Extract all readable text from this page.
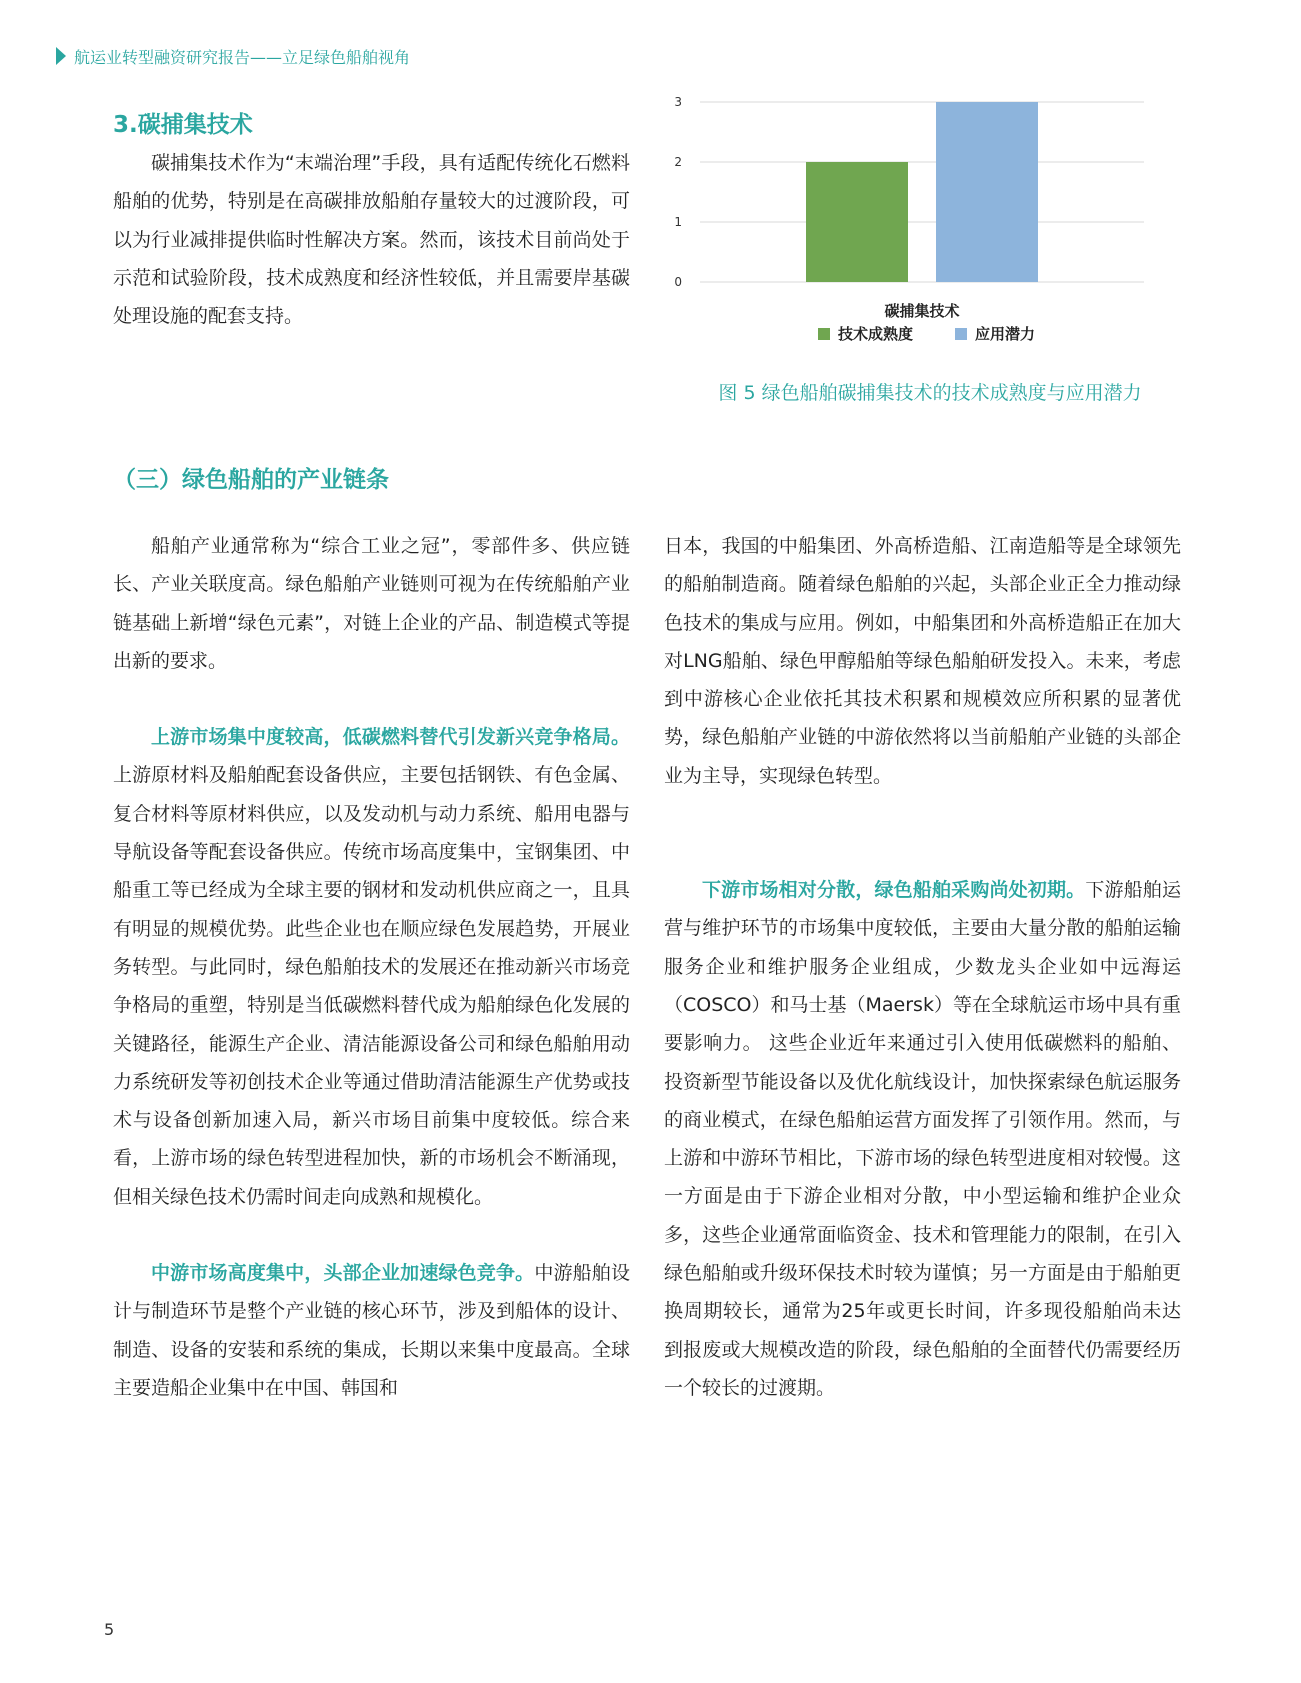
航运业转型融资研究报告——立足绿色船舶视角
3.碳捕集技术

碳捕集技术作为“末端治理”手段，具有适配传统化石燃料船舶的优势，特别是在高碳排放船舶存量较大的过渡阶段，可以为行业减排提供临时性解决方案。然而，该技术目前尚处于示范和试验阶段，技术成熟度和经济性较低，并且需要岸基碳处理设施的配套支持。

0
1
2
3
碳捕集技术
技术成熟度	应用潜力
图 5 绿色船舶碳捕集技术的技术成熟度与应用潜力
（三）绿色船舶的产业链条

船舶产业通常称为“综合工业之冠”，零部件多、供应链长、产业关联度高。绿色船舶产业链则可视为在传统船舶产业链基础上新增“绿色元素”，对链上企业的产品、制造模式等提出新的要求。

上游市场集中度较高，低碳燃料替代引发新兴竞争格局。上游原材料及船舶配套设备供应，主要包括钢铁、有色金属、复合材料等原材料供应，以及发动机与动力系统、船用电器与导航设备等配套设备供应。传统市场高度集中，宝钢集团、中船重工等已经成为全球主要的钢材和发动机供应商之一，且具有明显的规模优势。此些企业也在顺应绿色发展趋势，开展业务转型。与此同时，绿色船舶技术的发展还在推动新兴市场竞争格局的重塑，特别是当低碳燃料替代成为船舶绿色化发展的关键路径，能源生产企业、清洁能源设备公司和绿色船舶用动力系统研发等初创技术企业等通过借助清洁能源生产优势或技术与设备创新加速入局，新兴市场目前集中度较低。综合来看，上游市场的绿色转型进程加快，新的市场机会不断涌现，但相关绿色技术仍需时间走向成熟和规模化。

中游市场高度集中，头部企业加速绿色竞争。中游船舶设计与制造环节是整个产业链的核心环节，涉及到船体的设计、制造、设备的安装和系统的集成，长期以来集中度最高。全球主要造船企业集中在中国、韩国和

日本，我国的中船集团、外高桥造船、江南造船等是全球领先的船舶制造商。随着绿色船舶的兴起，头部企业正全力推动绿色技术的集成与应用。例如，中船集团和外高桥造船正在加大对LNG船舶、绿色甲醇船舶等绿色船舶研发投入。未来，考虑到中游核心企业依托其技术积累和规模效应所积累的显著优势，绿色船舶产业链的中游依然将以当前船舶产业链的头部企业为主导，实现绿色转型。

下游市场相对分散，绿色船舶采购尚处初期。下游船舶运营与维护环节的市场集中度较低，主要由大量分散的船舶运输服务企业和维护服务企业组成，少数龙头企业如中远海运（COSCO）和马士基（Maersk）等在全球航运市场中具有重要影响力。 这些企业近年来通过引入使用低碳燃料的船舶、投资新型节能设备以及优化航线设计，加快探索绿色航运服务的商业模式，在绿色船舶运营方面发挥了引领作用。然而，与上游和中游环节相比，下游市场的绿色转型进度相对较慢。这一方面是由于下游企业相对分散，中小型运输和维护企业众多，这些企业通常面临资金、技术和管理能力的限制，在引入绿色船舶或升级环保技术时较为谨慎；另一方面是由于船舶更换周期较长，通常为25年或更长时间，许多现役船舶尚未达到报废或大规模改造的阶段，绿色船舶的全面替代仍需要经历一个较长的过渡期。

5
